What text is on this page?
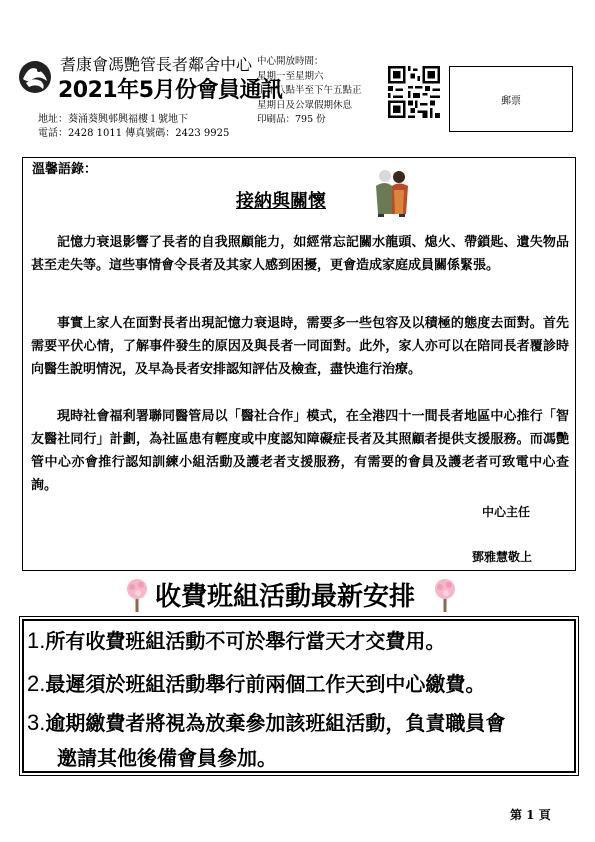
耆康會馮艷管長者鄰舍中心
2021年5月份會員通訊
地址：葵涌葵興邨興福樓１號地下
電話：2428 1011 傳真號碼：2423 9925
中心開放時間：
星期一至星期六
上午八點半至下午五點正
星期日及公眾假期休息
印刷品：795 份
郵票
溫馨語錄：
接納與關懷

記憶力衰退影響了長者的自我照顧能力，如經常忘記關水龍頭、熄火、帶鎖匙、遺失物品甚至走失等。這些事情會令長者及其家人感到困擾，更會造成家庭成員關係緊張。

事實上家人在面對長者出現記憶力衰退時，需要多一些包容及以積極的態度去面對。首先需要平伏心情，了解事件發生的原因及與長者一同面對。此外，家人亦可以在陪同長者覆診時向醫生說明情況，及早為長者安排認知評估及檢查，盡快進行治療。

現時社會福利署聯同醫管局以「醫社合作」模式，在全港四十一間長者地區中心推行「智友醫社同行」計劃，為社區患有輕度或中度認知障礙症長者及其照顧者提供支援服務。而馮艷管中心亦會推行認知訓練小組活動及護老者支援服務，有需要的會員及護老者可致電中心查詢。

中心主任
鄧雅慧敬上
收費班組活動最新安排
1.所有收費班組活動不可於舉行當天才交費用。
2.最遲須於班組活動舉行前兩個工作天到中心繳費。
3.逾期繳費者將視為放棄參加該班組活動，負責職員會
邀請其他後備會員參加。
第 1 頁
